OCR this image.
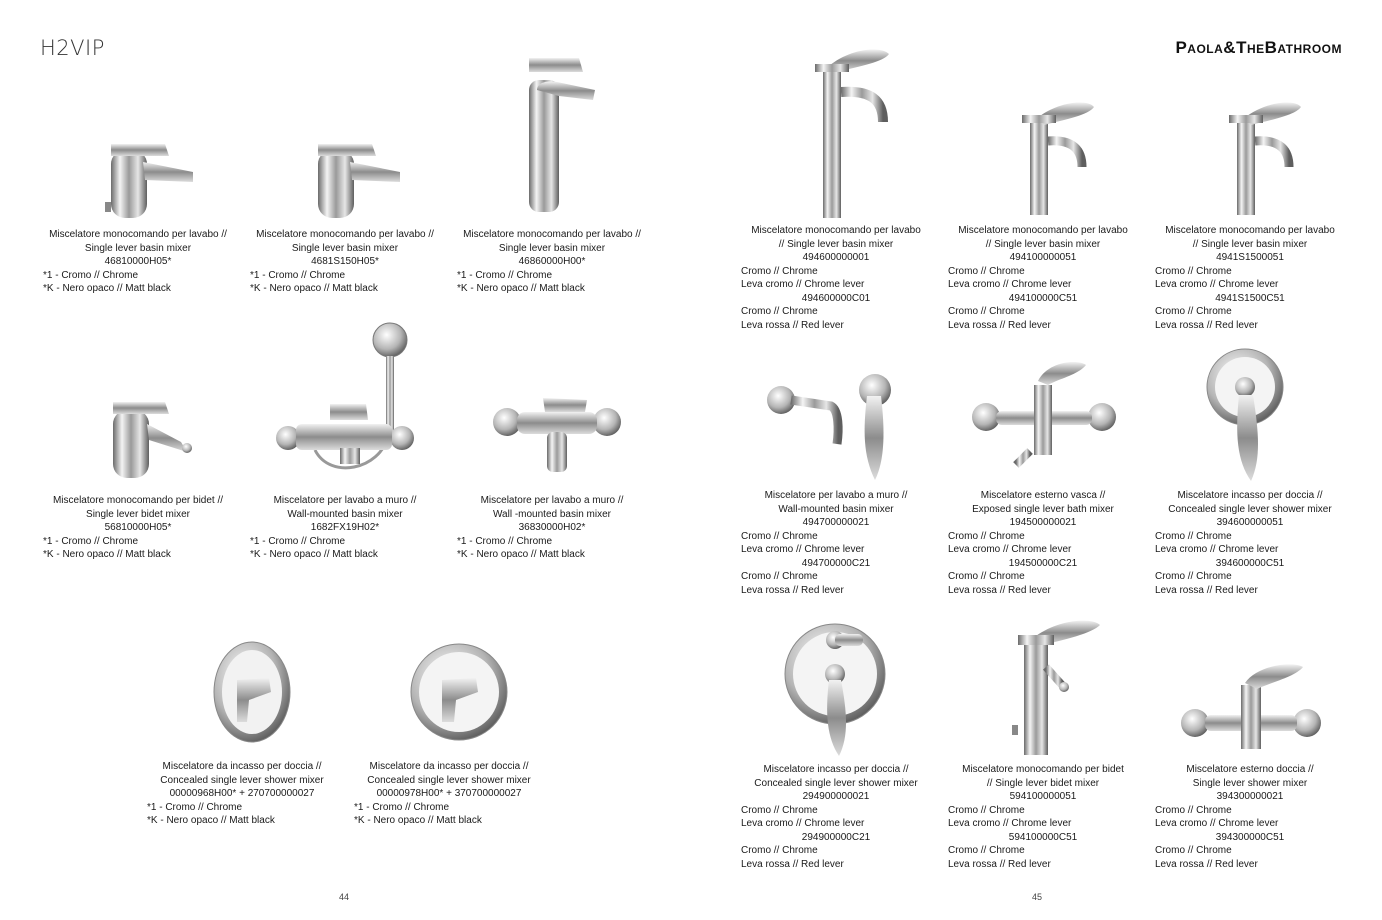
H2VIP
44
Miscelatore monocomando per lavabo //
Single lever basin mixer
46810000H05*
*1 - Cromo // Chrome
*K - Nero opaco // Matt black
Miscelatore monocomando per lavabo //
Single lever basin mixer
4681S150H05*
*1 - Cromo // Chrome
*K - Nero opaco // Matt black
Miscelatore monocomando per lavabo //
Single lever basin mixer
46860000H00*
*1 - Cromo // Chrome
*K - Nero opaco // Matt black
Miscelatore monocomando per bidet //
Single lever bidet mixer
56810000H05*
*1 - Cromo // Chrome
*K - Nero opaco // Matt black
Miscelatore per lavabo a muro //
Wall-mounted basin mixer
1682FX19H02*
*1 - Cromo // Chrome
*K - Nero opaco // Matt black
Miscelatore per lavabo a muro //
Wall -mounted basin mixer
36830000H02*
*1 - Cromo // Chrome
*K - Nero opaco // Matt black
Miscelatore da incasso per doccia //
Concealed single lever shower mixer
00000968H00* + 270700000027
*1 - Cromo // Chrome
*K - Nero opaco // Matt black
Miscelatore da incasso per doccia //
Concealed single lever shower mixer
00000978H00* + 370700000027
*1 - Cromo // Chrome
*K - Nero opaco // Matt black
Paola&TheBathroom
45
Miscelatore monocomando per lavabo
// Single lever basin mixer
494600000001
Cromo // Chrome
Leva cromo // Chrome lever
494600000C01
Cromo // Chrome
Leva rossa // Red lever
Miscelatore monocomando per lavabo
// Single lever basin mixer
494100000051
Cromo // Chrome
Leva cromo // Chrome lever
494100000C51
Cromo // Chrome
Leva rossa // Red lever
Miscelatore monocomando per lavabo
// Single lever basin mixer
4941S1500051
Cromo // Chrome
Leva cromo // Chrome lever
4941S1500C51
Cromo // Chrome
Leva rossa // Red lever
Miscelatore per lavabo a muro //
Wall-mounted basin mixer
494700000021
Cromo // Chrome
Leva cromo // Chrome lever
494700000C21
Cromo // Chrome
Leva rossa // Red lever
Miscelatore esterno vasca //
Exposed single lever bath mixer
194500000021
Cromo // Chrome
Leva cromo // Chrome lever
194500000C21
Cromo // Chrome
Leva rossa // Red lever
Miscelatore incasso per doccia //
Concealed single lever shower mixer
394600000051
Cromo // Chrome
Leva cromo // Chrome lever
394600000C51
Cromo // Chrome
Leva rossa // Red lever
Miscelatore incasso per doccia //
Concealed single lever shower mixer
294900000021
Cromo // Chrome
Leva cromo // Chrome lever
294900000C21
Cromo // Chrome
Leva rossa // Red lever
Miscelatore monocomando per bidet
// Single lever bidet mixer
594100000051
Cromo // Chrome
Leva cromo // Chrome lever
594100000C51
Cromo // Chrome
Leva rossa // Red lever
Miscelatore esterno doccia //
Single lever shower mixer
394300000021
Cromo // Chrome
Leva cromo // Chrome lever
394300000C51
Cromo // Chrome
Leva rossa // Red lever
